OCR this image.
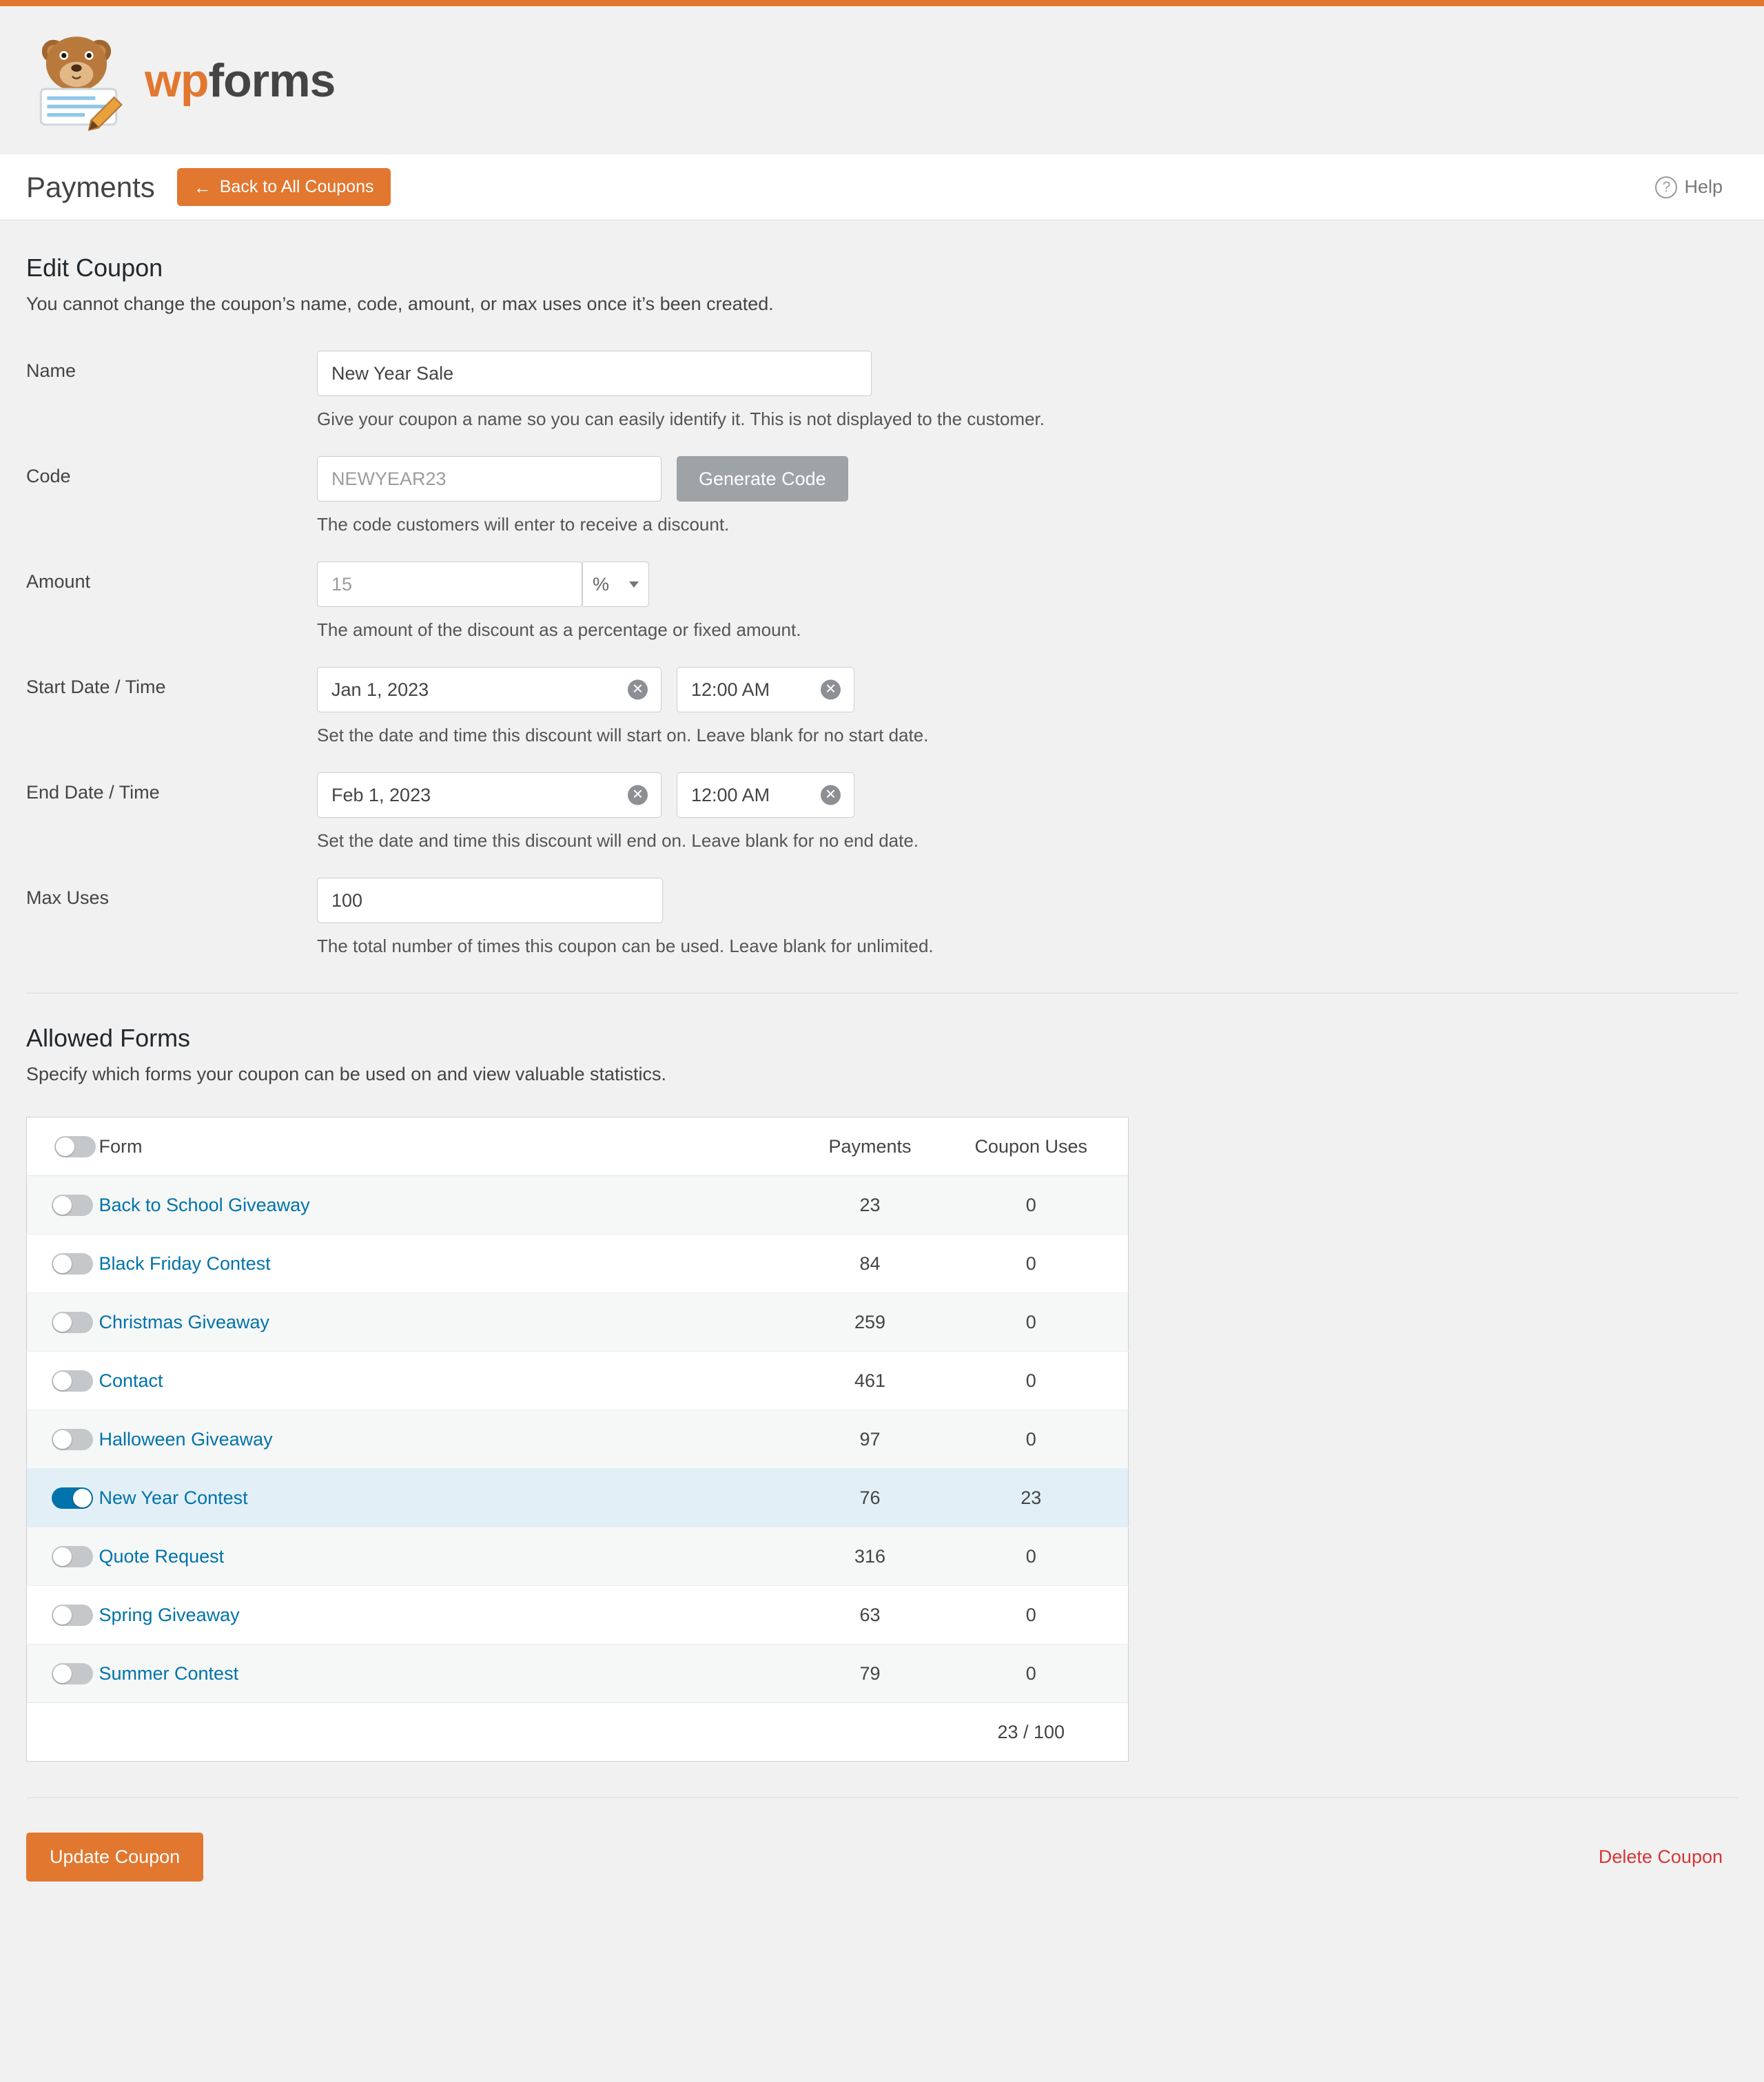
wpforms
Payments ← Back to All Coupons	? Help
Edit Coupon

You cannot change the coupon’s name, code, amount, or max uses once it’s been created.

Name
New Year Sale
Give your coupon a name so you can easily identify it. This is not displayed to the customer.
Code
NEWYEAR23	Generate Code
The code customers will enter to receive a discount.
Amount
15	%
The amount of the discount as a percentage or fixed amount.
Start Date / Time
Jan 1, 2023	✕
12:00 AM	✕
Set the date and time this discount will start on. Leave blank for no start date.
End Date / Time
Feb 1, 2023	✕
12:00 AM	✕
Set the date and time this discount will end on. Leave blank for no end date.
Max Uses
100
The total number of times this coupon can be used. Leave blank for unlimited.
Allowed Forms

Specify which forms your coupon can be used on and view valuable statistics.

	Form	Payments	Coupon Uses

	Back to School Giveaway	23	0

	Black Friday Contest	84	0

	Christmas Giveaway	259	0

	Contact	461	0

	Halloween Giveaway	97	0

	New Year Contest	76	23

	Quote Request	316	0

	Spring Giveaway	63	0

	Summer Contest	79	0
			23 / 100
Update Coupon	Delete Coupon
